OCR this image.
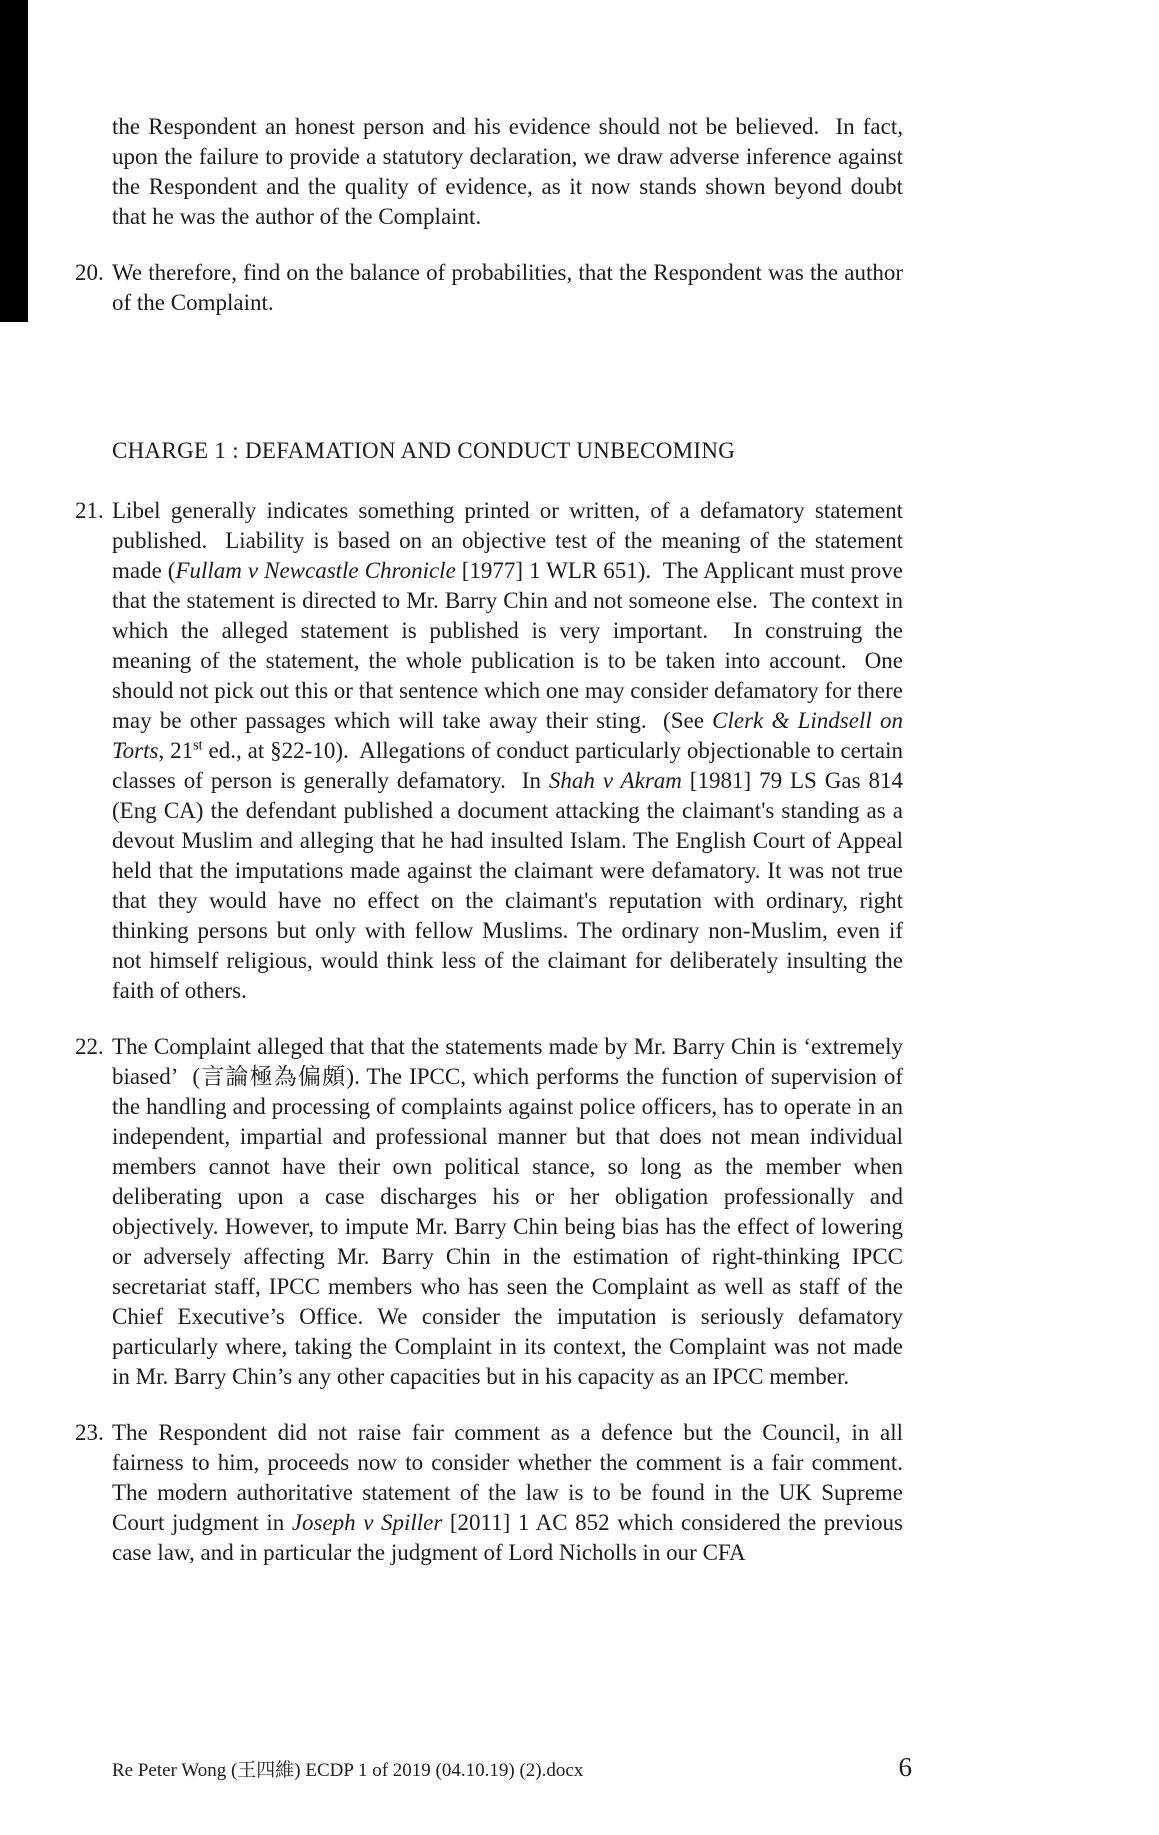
the Respondent an honest person and his evidence should not be believed.  In fact, upon the failure to provide a statutory declaration, we draw adverse inference against the Respondent and the quality of evidence, as it now stands shown beyond doubt that he was the author of the Complaint.
20. We therefore, find on the balance of probabilities, that the Respondent was the author of the Complaint.
CHARGE 1 : DEFAMATION AND CONDUCT UNBECOMING
21. Libel generally indicates something printed or written, of a defamatory statement published.  Liability is based on an objective test of the meaning of the statement made (Fullam v Newcastle Chronicle [1977] 1 WLR 651).  The Applicant must prove that the statement is directed to Mr. Barry Chin and not someone else.  The context in which the alleged statement is published is very important.  In construing the meaning of the statement, the whole publication is to be taken into account.  One should not pick out this or that sentence which one may consider defamatory for there may be other passages which will take away their sting.  (See Clerk & Lindsell on Torts, 21st ed., at §22-10).  Allegations of conduct particularly objectionable to certain classes of person is generally defamatory.  In Shah v Akram [1981] 79 LS Gas 814 (Eng CA) the defendant published a document attacking the claimant's standing as a devout Muslim and alleging that he had insulted Islam. The English Court of Appeal held that the imputations made against the claimant were defamatory. It was not true that they would have no effect on the claimant's reputation with ordinary, right thinking persons but only with fellow Muslims. The ordinary non-Muslim, even if not himself religious, would think less of the claimant for deliberately insulting the faith of others.
22. The Complaint alleged that that the statements made by Mr. Barry Chin is ‘extremely biased’  (言論極為偏頗). The IPCC, which performs the function of supervision of the handling and processing of complaints against police officers, has to operate in an independent, impartial and professional manner but that does not mean individual members cannot have their own political stance, so long as the member when deliberating upon a case discharges his or her obligation professionally and objectively. However, to impute Mr. Barry Chin being bias has the effect of lowering or adversely affecting Mr. Barry Chin in the estimation of right-thinking IPCC secretariat staff, IPCC members who has seen the Complaint as well as staff of the Chief Executive’s Office. We consider the imputation is seriously defamatory particularly where, taking the Complaint in its context, the Complaint was not made in Mr. Barry Chin’s any other capacities but in his capacity as an IPCC member.
23. The Respondent did not raise fair comment as a defence but the Council, in all fairness to him, proceeds now to consider whether the comment is a fair comment. The modern authoritative statement of the law is to be found in the UK Supreme Court judgment in Joseph v Spiller [2011] 1 AC 852 which considered the previous case law, and in particular the judgment of Lord Nicholls in our CFA
Re Peter Wong (王四維) ECDP 1 of 2019 (04.10.19) (2).docx	6
